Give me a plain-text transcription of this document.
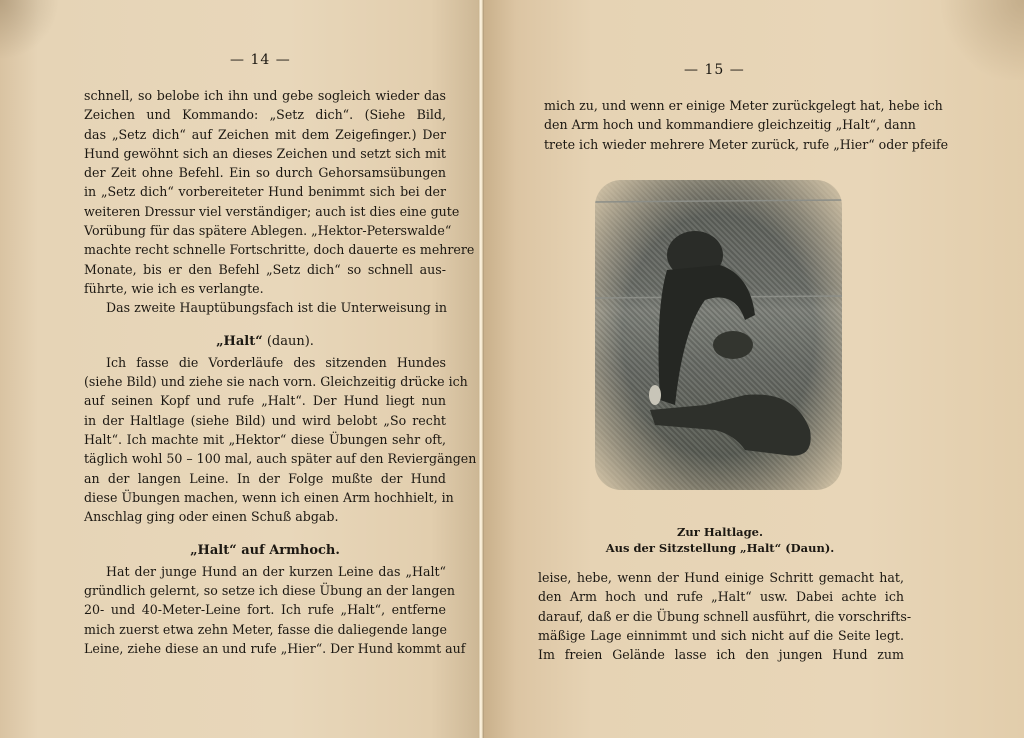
— 14 —
schnell, so belobe ich ihn und gebe sogleich wieder das
Zeichen und Kommando: „Setz dich“. (Siehe Bild,
das „Setz dich“ auf Zeichen mit dem Zeigefinger.) Der
Hund gewöhnt sich an dieses Zeichen und setzt sich mit
der Zeit ohne Befehl. Ein so durch Gehorsamsübungen
in „Setz dich“ vorbereiteter Hund benimmt sich bei der
weiteren Dressur viel verständiger; auch ist dies eine gute
Vorübung für das spätere Ablegen. „Hektor-Peterswalde“
machte recht schnelle Fortschritte, doch dauerte es mehrere
Monate, bis er den Befehl „Setz dich“ so schnell aus-
führte, wie ich es verlangte.
Das zweite Hauptübungsfach ist die Unterweisung in
„Halt“ (daun).
Ich fasse die Vorderläufe des sitzenden Hundes
(siehe Bild) und ziehe sie nach vorn. Gleichzeitig drücke ich
auf seinen Kopf und rufe „Halt“. Der Hund liegt nun
in der Haltlage (siehe Bild) und wird belobt „So recht
Halt“. Ich machte mit „Hektor“ diese Übungen sehr oft,
täglich wohl 50 – 100 mal, auch später auf den Reviergängen
an der langen Leine. In der Folge mußte der Hund
diese Übungen machen, wenn ich einen Arm hochhielt, in
Anschlag ging oder einen Schuß abgab.
„Halt“ auf Armhoch.
Hat der junge Hund an der kurzen Leine das „Halt“
gründlich gelernt, so setze ich diese Übung an der langen
20- und 40-Meter-Leine fort. Ich rufe „Halt“, entferne
mich zuerst etwa zehn Meter, fasse die daliegende lange
Leine, ziehe diese an und rufe „Hier“. Der Hund kommt auf
— 15 —
mich zu, und wenn er einige Meter zurückgelegt hat, hebe ich
den Arm hoch und kommandiere gleichzeitig „Halt“, dann
trete ich wieder mehrere Meter zurück, rufe „Hier“ oder pfeife
leise, hebe, wenn der Hund einige Schritt gemacht hat,
den Arm hoch und rufe „Halt“ usw. Dabei achte ich
darauf, daß er die Übung schnell ausführt, die vorschrifts-
mäßige Lage einnimmt und sich nicht auf die Seite legt.
Im freien Gelände lasse ich den jungen Hund zum
Zur Haltlage.
Aus der Sitzstellung „Halt“ (Daun).
